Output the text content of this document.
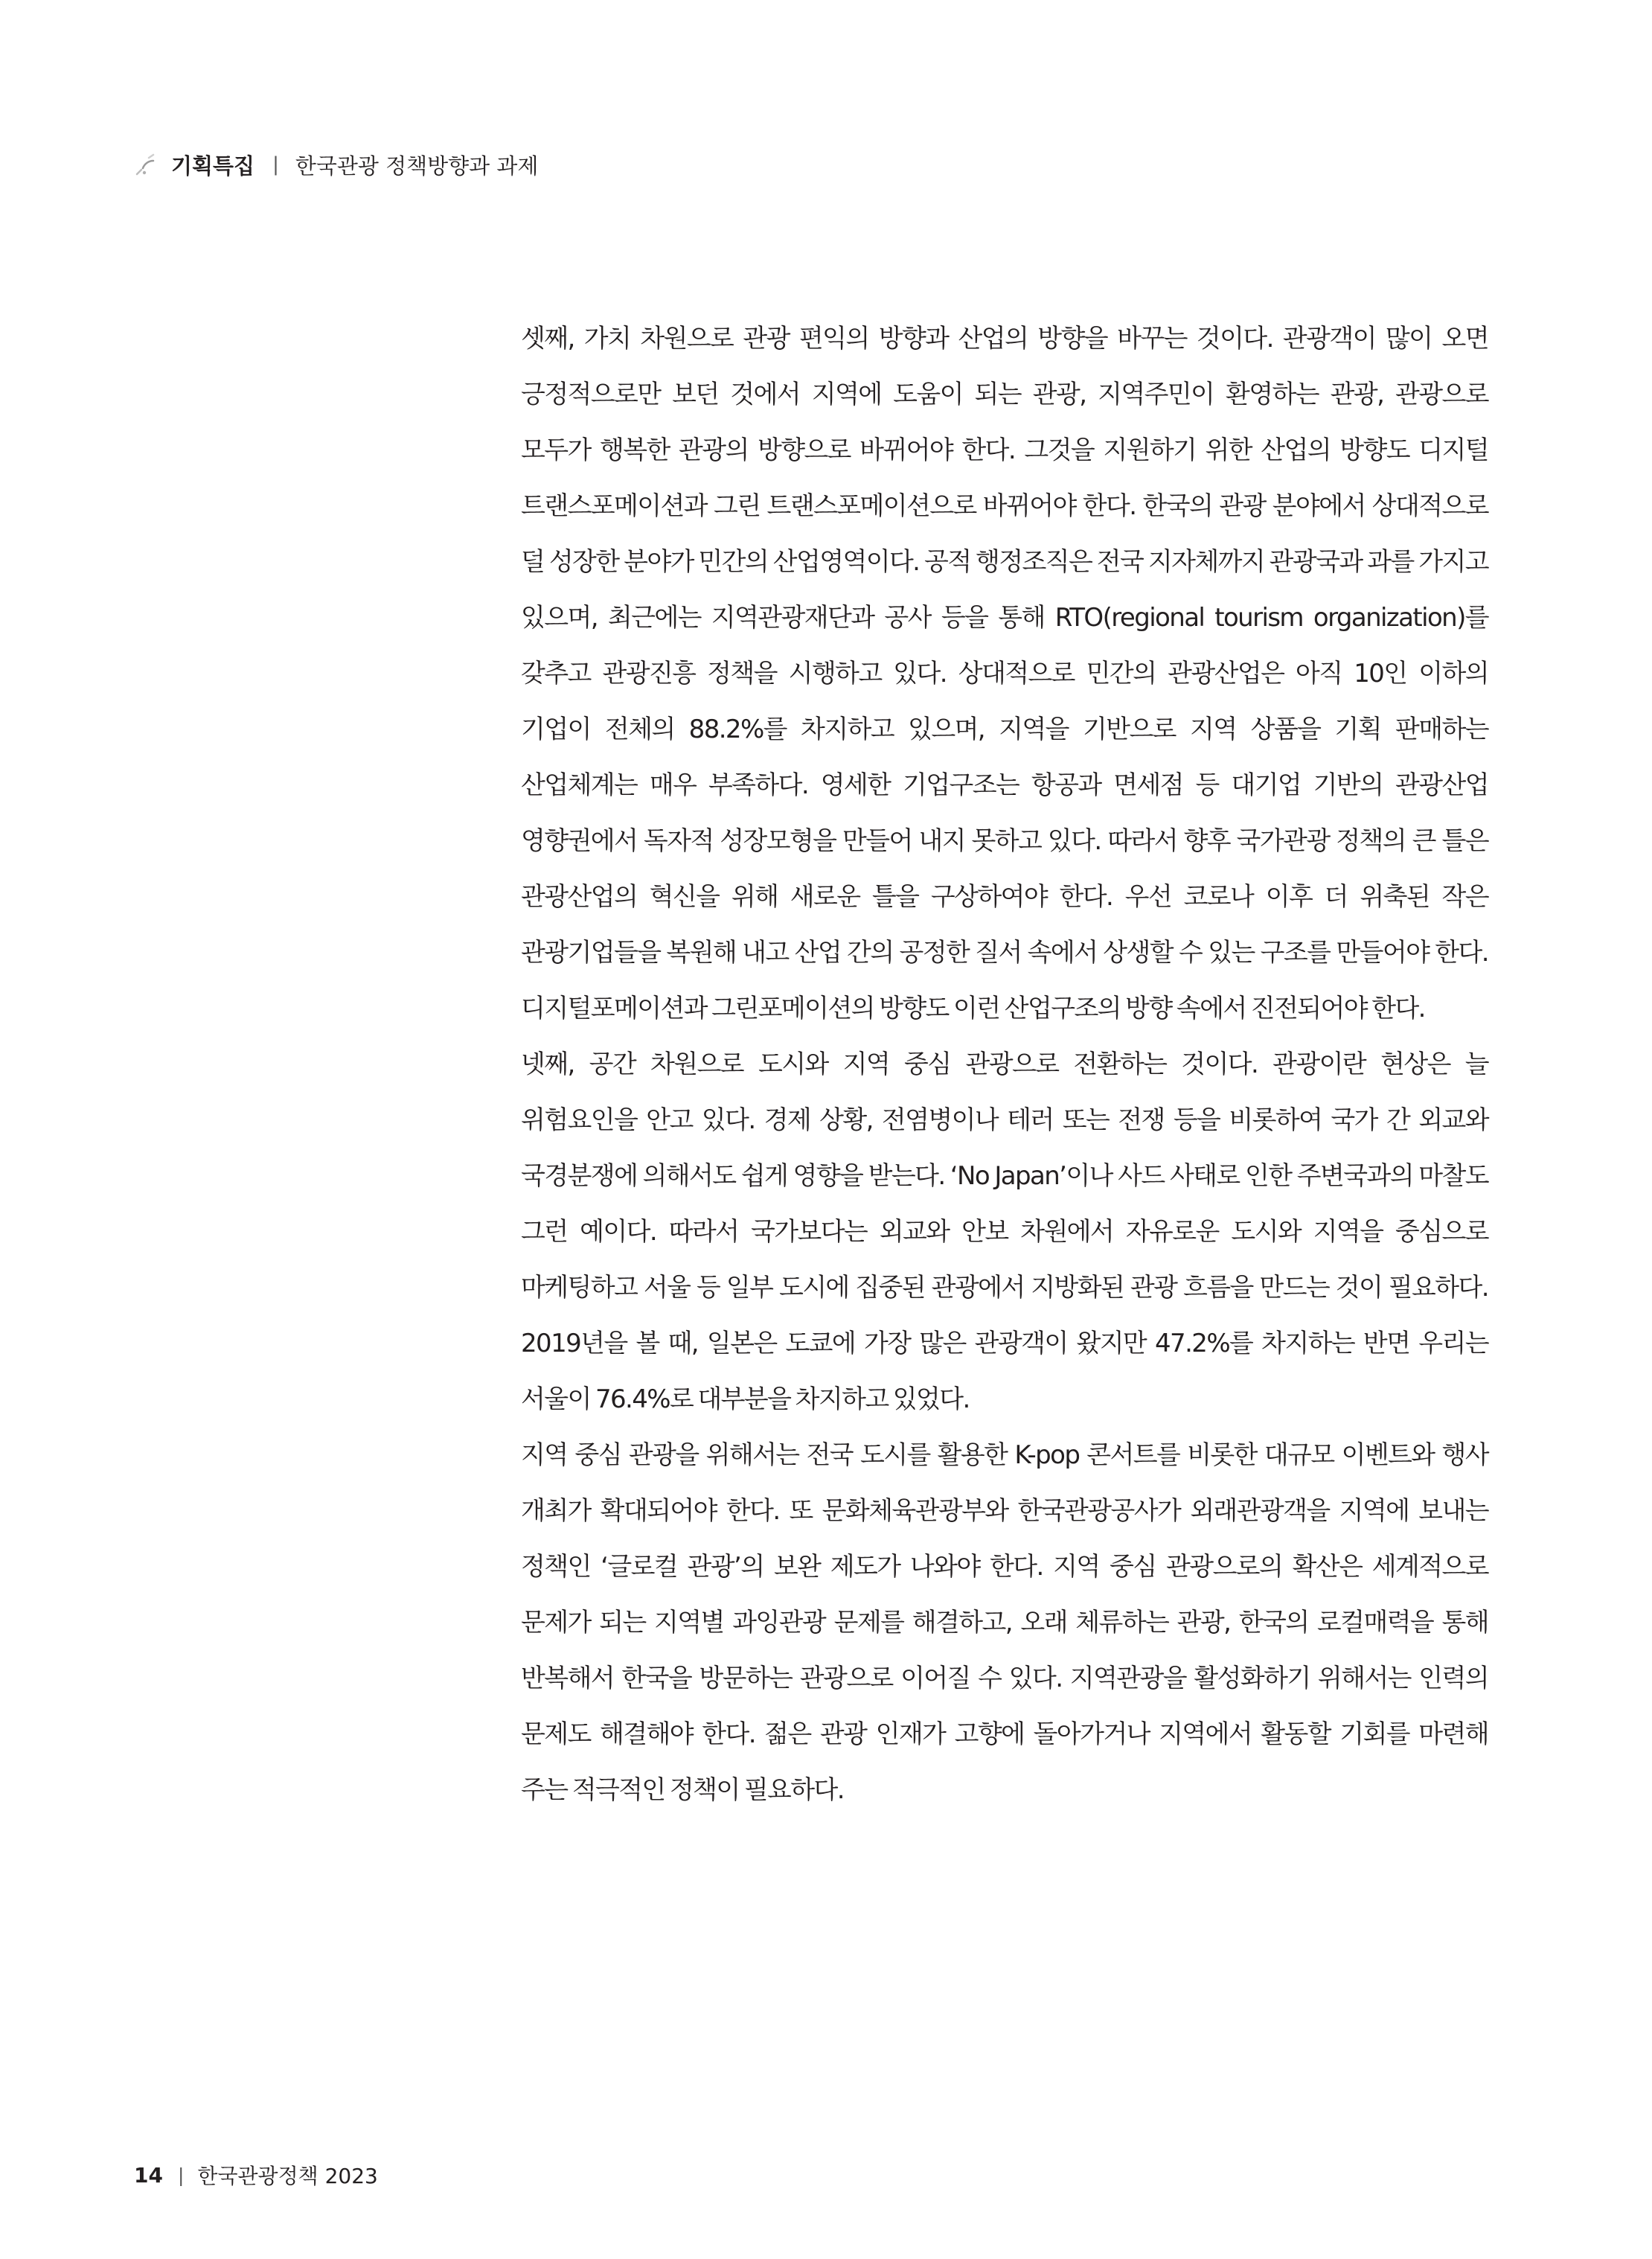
기획특집 | 한국관광 정책방향과 과제

셋째, 가치 차원으로 관광 편익의 방향과 산업의 방향을 바꾸는 것이다. 관광객이 많이 오면 긍정적으로만 보던 것에서 지역에 도움이 되는 관광, 지역주민이 환영하는 관광, 관광으로 모두가 행복한 관광의 방향으로 바뀌어야 한다. 그것을 지원하기 위한 산업의 방향도 디지털 트랜스포메이션과 그린 트랜스포메이션으로 바뀌어야 한다. 한국의 관광 분야에서 상대적으로 덜 성장한 분야가 민간의 산업영역이다. 공적 행정조직은 전국 지자체까지 관광국과 과를 가지고 있으며, 최근에는 지역관광재단과 공사 등을 통해 RTO(regional tourism organization)를 갖추고 관광진흥 정책을 시행하고 있다. 상대적으로 민간의 관광산업은 아직 10인 이하의 기업이 전체의 88.2%를 차지하고 있으며, 지역을 기반으로 지역 상품을 기획 판매하는 산업체계는 매우 부족하다. 영세한 기업구조는 항공과 면세점 등 대기업 기반의 관광산업 영향권에서 독자적 성장모형을 만들어 내지 못하고 있다. 따라서 향후 국가관광 정책의 큰 틀은 관광산업의 혁신을 위해 새로운 틀을 구상하여야 한다. 우선 코로나 이후 더 위축된 작은 관광기업들을 복원해 내고 산업 간의 공정한 질서 속에서 상생할 수 있는 구조를 만들어야 한다. 디지털포메이션과 그린포메이션의 방향도 이런 산업구조의 방향 속에서 진전되어야 한다.

넷째, 공간 차원으로 도시와 지역 중심 관광으로 전환하는 것이다. 관광이란 현상은 늘 위험요인을 안고 있다. 경제 상황, 전염병이나 테러 또는 전쟁 등을 비롯하여 국가 간 외교와 국경분쟁에 의해서도 쉽게 영향을 받는다. ‘No Japan’이나 사드 사태로 인한 주변국과의 마찰도 그런 예이다. 따라서 국가보다는 외교와 안보 차원에서 자유로운 도시와 지역을 중심으로 마케팅하고 서울 등 일부 도시에 집중된 관광에서 지방화된 관광 흐름을 만드는 것이 필요하다. 2019년을 볼 때, 일본은 도쿄에 가장 많은 관광객이 왔지만 47.2%를 차지하는 반면 우리는 서울이 76.4%로 대부분을 차지하고 있었다.

지역 중심 관광을 위해서는 전국 도시를 활용한 K-pop 콘서트를 비롯한 대규모 이벤트와 행사 개최가 확대되어야 한다. 또 문화체육관광부와 한국관광공사가 외래관광객을 지역에 보내는 정책인 ‘글로컬 관광’의 보완 제도가 나와야 한다. 지역 중심 관광으로의 확산은 세계적으로 문제가 되는 지역별 과잉관광 문제를 해결하고, 오래 체류하는 관광, 한국의 로컬매력을 통해 반복해서 한국을 방문하는 관광으로 이어질 수 있다. 지역관광을 활성화하기 위해서는 인력의 문제도 해결해야 한다. 젊은 관광 인재가 고향에 돌아가거나 지역에서 활동할 기회를 마련해 주는 적극적인 정책이 필요하다.

14 | 한국관광정책 2023
